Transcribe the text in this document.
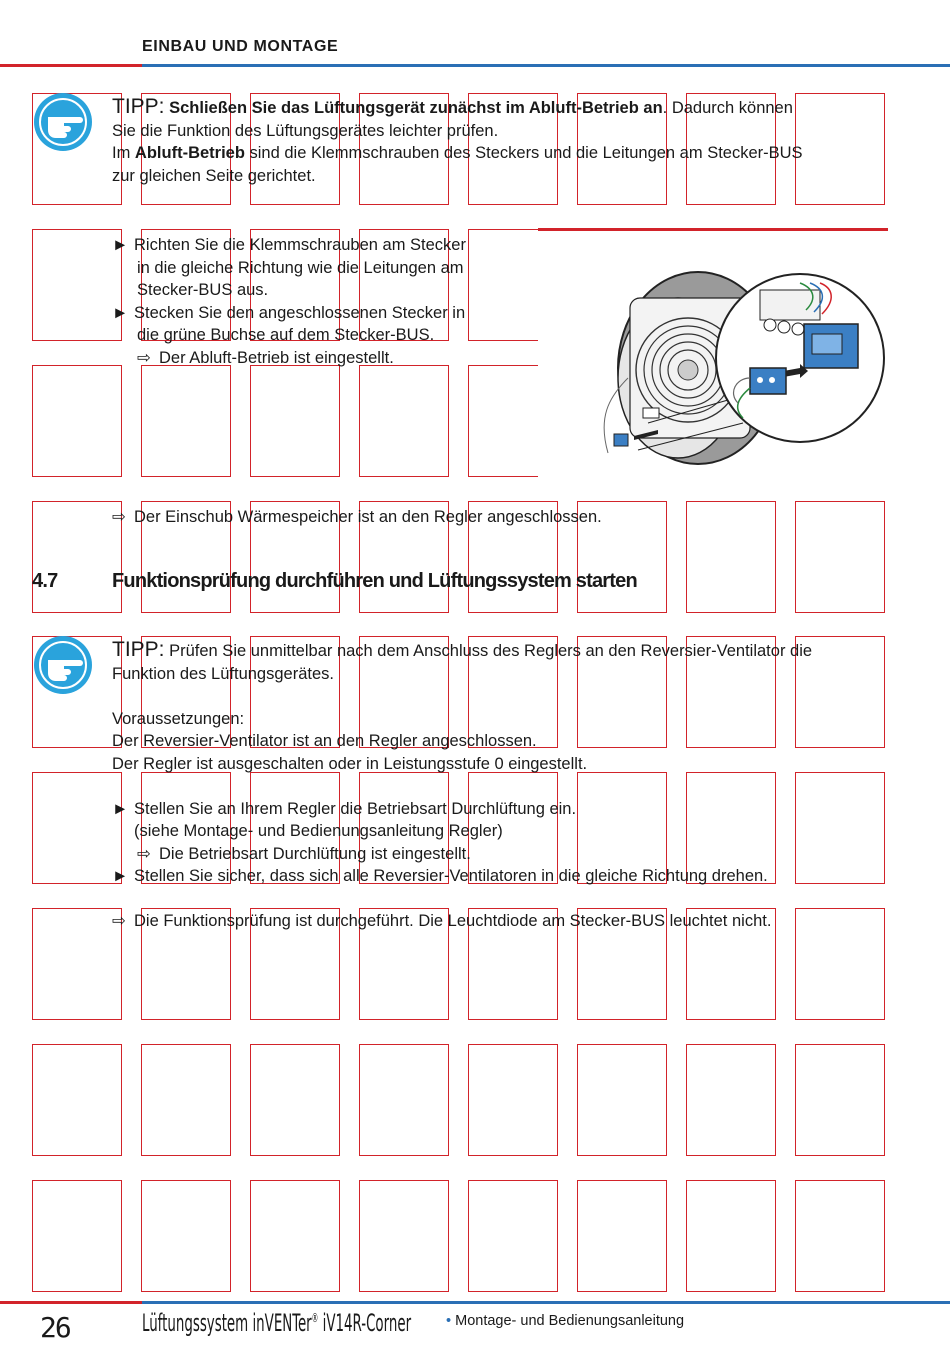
EINBAU UND MONTAGE
TIPP: Schließen Sie das Lüftungsgerät zunächst im Abluft-Betrieb an. Dadurch können
Sie die Funktion des Lüftungsgerätes leichter prüfen.
Im Abluft-Betrieb sind die Klemmschrauben des Steckers und die Leitungen am Stecker-BUS
zur gleichen Seite gerichtet.
► Richten Sie die Klemmschrauben am Stecker
in die gleiche Richtung wie die Leitungen am
Stecker-BUS aus.
► Stecken Sie den angeschlossenen Stecker in
die grüne Buchse auf dem Stecker-BUS.
⇨ Der Abluft-Betrieb ist eingestellt.
⇨ Der Einschub Wärmespeicher ist an den Regler angeschlossen.
4.7	Funktionsprüfung durchführen und Lüftungssystem starten
TIPP: Prüfen Sie unmittelbar nach dem Anschluss des Reglers an den Reversier-Ventilator die
Funktion des Lüftungsgerätes.
Voraussetzungen:
Der Reversier-Ventilator ist an den Regler angeschlossen.
Der Regler ist ausgeschalten oder in Leistungsstufe 0 eingestellt.
► Stellen Sie an Ihrem Regler die Betriebsart Durchlüftung ein.
(siehe Montage- und Bedienungsanleitung Regler)
⇨ Die Betriebsart Durchlüftung ist eingestellt.
► Stellen Sie sicher, dass sich alle Reversier-Ventilatoren in die gleiche Richtung drehen.
⇨ Die Funktionsprüfung ist durchgeführt. Die Leuchtdiode am Stecker-BUS leuchtet nicht.
26	Lüftungssystem inVENTer® iV14R-Corner • Montage- und Bedienungsanleitung
